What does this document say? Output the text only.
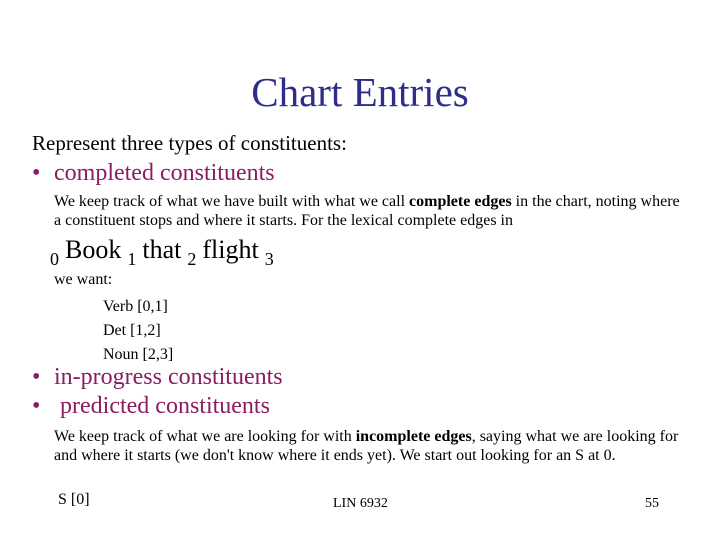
Chart Entries
Represent three types of constituents:
• completed constituents
We keep track of what we have built with what we call complete edges in the chart, noting where a constituent stops and where it starts. For the lexical complete edges in
$_0$ Book $_1$ that $_2$ flight $_3$
we want:
Verb [0,1]
Det [1,2]
Noun [2,3]
• in-progress constituents
• predicted constituents
We keep track of what we are looking for with incomplete edges, saying what we are looking for and where it starts (we don't know where it ends yet). We start out looking for an S at 0.
S [0]	LIN 6932	55
